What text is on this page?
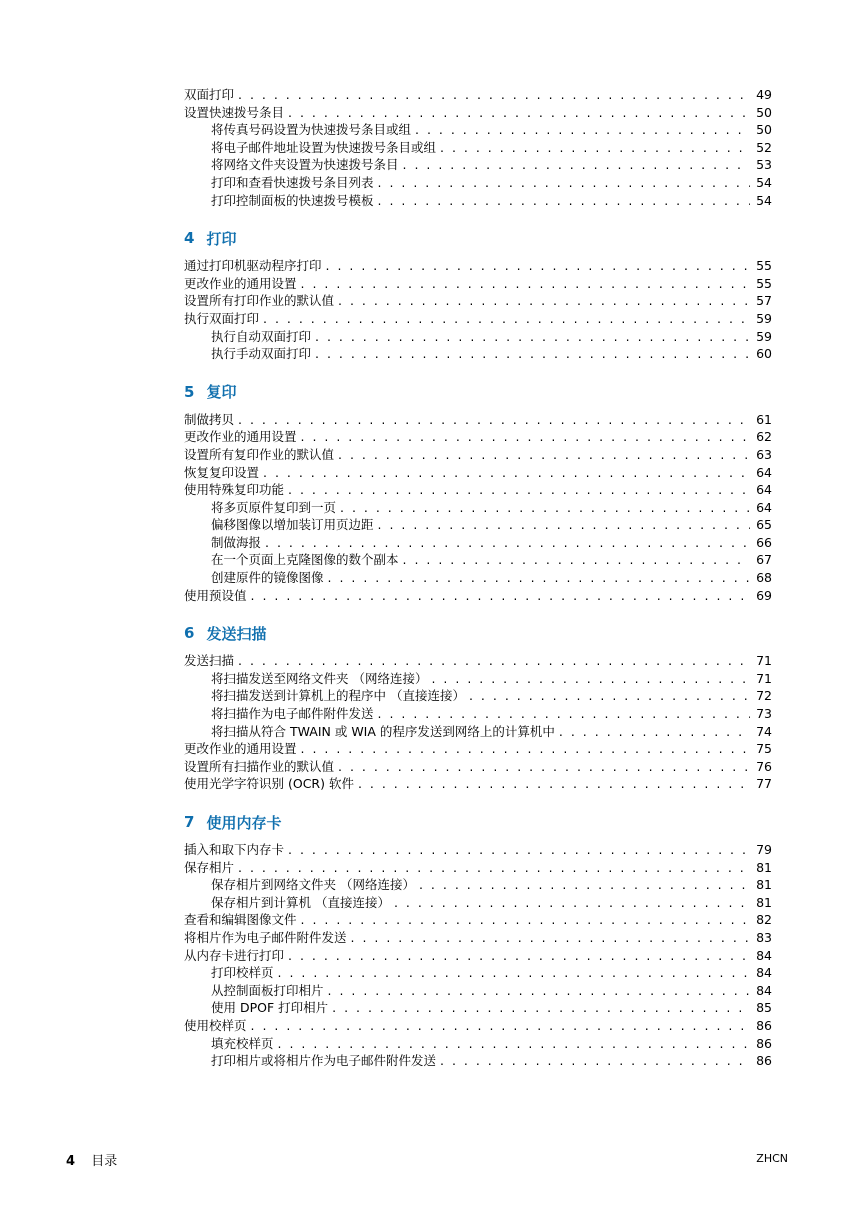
双面打印 . . .	49
设置快速拨号条目 . . .	50
将传真号码设置为快速拨号条目或组 . . .	50
将电子邮件地址设置为快速拨号条目或组 . . .	52
将网络文件夹设置为快速拨号条目 . . .	53
打印和查看快速拨号条目列表 . . .	54
打印控制面板的快速拨号模板 . . .	54
4 打印
通过打印机驱动程序打印 . . .	55
更改作业的通用设置 . . .	55
设置所有打印作业的默认值 . . .	57
执行双面打印 . . .	59
执行自动双面打印 . . .	59
执行手动双面打印 . . .	60
5 复印
制做拷贝 . . .	61
更改作业的通用设置 . . .	62
设置所有复印作业的默认值 . . .	63
恢复复印设置 . . .	64
使用特殊复印功能 . . .	64
将多页原件复印到一页 . . .	64
偏移图像以增加装订用页边距 . . .	65
制做海报 . . .	66
在一个页面上克隆图像的数个副本 . . .	67
创建原件的镜像图像 . . .	68
使用预设值 . . .	69
6 发送扫描
发送扫描 . . .	71
将扫描发送至网络文件夹 （网络连接） . . .	71
将扫描发送到计算机上的程序中 （直接连接） . . .	72
将扫描作为电子邮件附件发送 . . .	73
将扫描从符合 TWAIN 或 WIA 的程序发送到网络上的计算机中 . . .	74
更改作业的通用设置 . . .	75
设置所有扫描作业的默认值 . . .	76
使用光学字符识别 (OCR) 软件 . . .	77
7 使用内存卡
插入和取下内存卡 . . .	79
保存相片 . . .	81
保存相片到网络文件夹 （网络连接） . . .	81
保存相片到计算机 （直接连接） . . .	81
查看和编辑图像文件 . . .	82
将相片作为电子邮件附件发送 . . .	83
从内存卡进行打印 . . .	84
打印校样页 . . .	84
从控制面板打印相片 . . .	84
使用 DPOF 打印相片 . . .	85
使用校样页 . . .	86
填充校样页 . . .	86
打印相片或将相片作为电子邮件附件发送 . . .	86
4 目录	ZHCN
